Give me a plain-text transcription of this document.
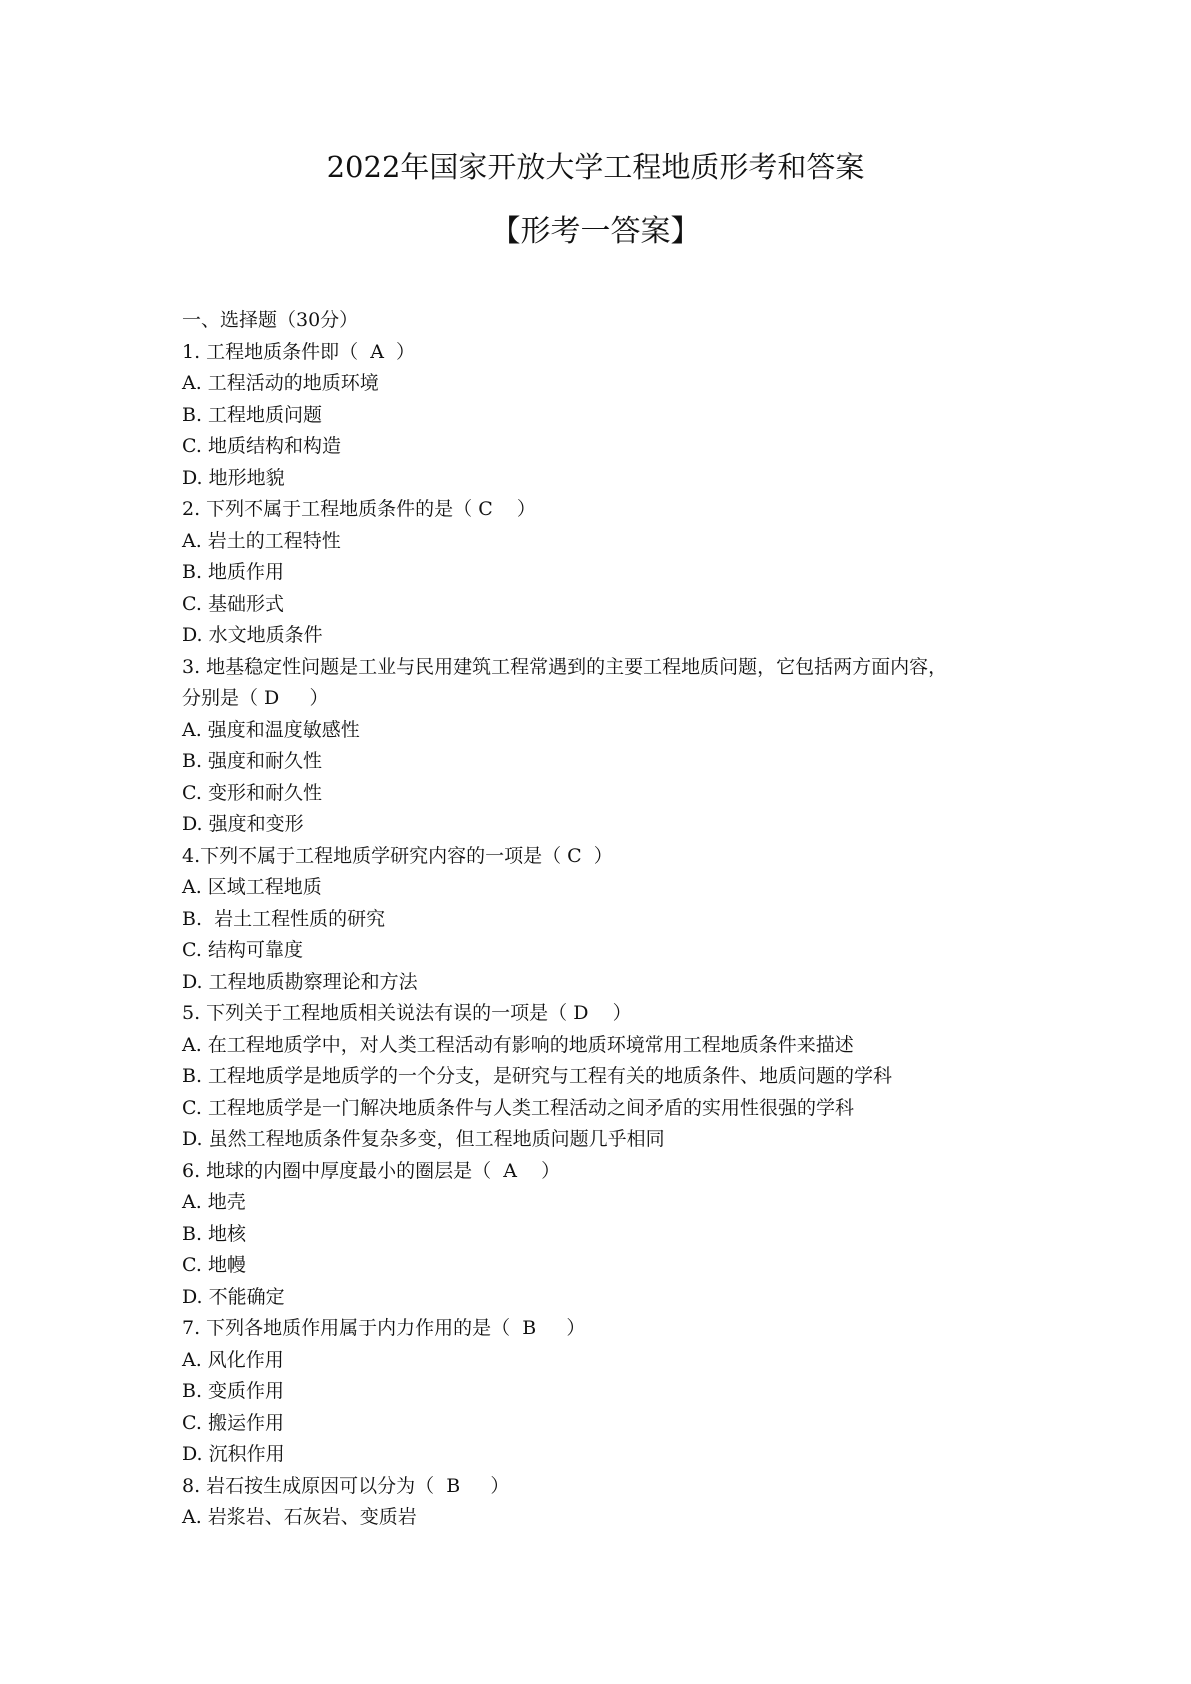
2022年国家开放大学工程地质形考和答案
【形考一答案】
一、选择题（30分）
1. 工程地质条件即（  A  ）
A. 工程活动的地质环境
B. 工程地质问题
C. 地质结构和构造
D. 地形地貌
2. 下列不属于工程地质条件的是（ C    ）
A. 岩土的工程特性
B. 地质作用
C. 基础形式
D. 水文地质条件
3. 地基稳定性问题是工业与民用建筑工程常遇到的主要工程地质问题，它包括两方面内容，
分别是（ D     ）
A. 强度和温度敏感性
B. 强度和耐久性
C. 变形和耐久性
D. 强度和变形
4.下列不属于工程地质学研究内容的一项是（ C  ）
A. 区域工程地质
B.  岩土工程性质的研究
C. 结构可靠度
D. 工程地质勘察理论和方法
5. 下列关于工程地质相关说法有误的一项是（ D    ）
A. 在工程地质学中，对人类工程活动有影响的地质环境常用工程地质条件来描述
B. 工程地质学是地质学的一个分支，是研究与工程有关的地质条件、地质问题的学科
C. 工程地质学是一门解决地质条件与人类工程活动之间矛盾的实用性很强的学科
D. 虽然工程地质条件复杂多变，但工程地质问题几乎相同
6. 地球的内圈中厚度最小的圈层是（  A    ）
A. 地壳
B. 地核
C. 地幔
D. 不能确定
7. 下列各地质作用属于内力作用的是（  B     ）
A. 风化作用
B. 变质作用
C. 搬运作用
D. 沉积作用
8. 岩石按生成原因可以分为（  B     ）
A. 岩浆岩、石灰岩、变质岩
